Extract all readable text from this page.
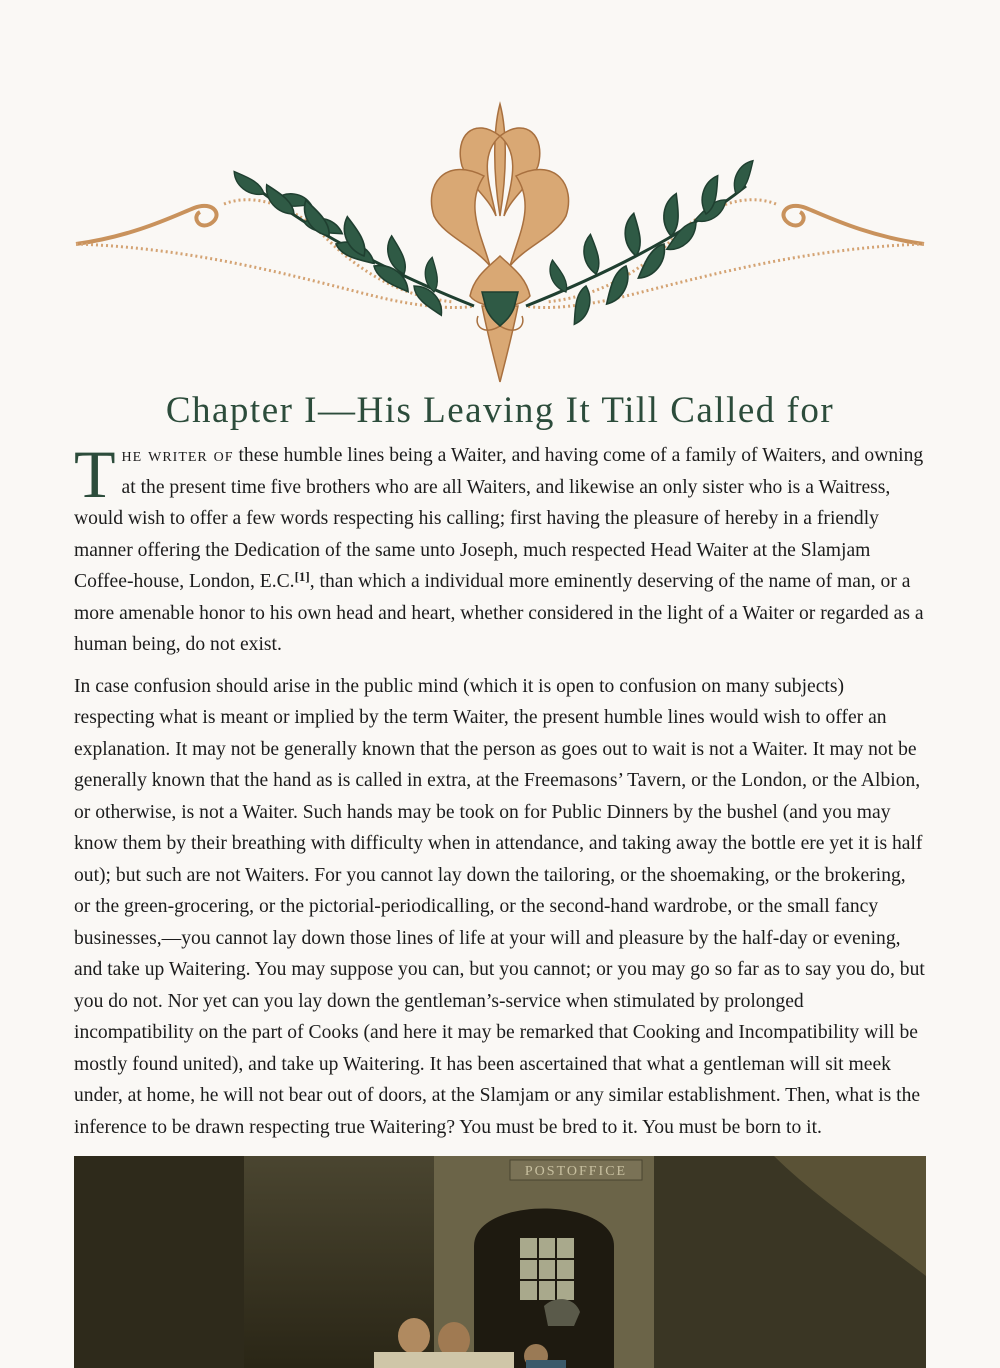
Chapter I—His Leaving It Till Called for

The writer of these humble lines being a Waiter, and having come of a family of Waiters, and owning at the present time five brothers who are all Waiters, and likewise an only sister who is a Waitress, would wish to offer a few words respecting his calling; first having the pleasure of hereby in a friendly manner offering the Dedication of the same unto Joseph, much respected Head Waiter at the Slamjam Coffee-house, London, E.C.[1], than which a individual more eminently deserving of the name of man, or a more amenable honor to his own head and heart, whether considered in the light of a Waiter or regarded as a human being, do not exist.

In case confusion should arise in the public mind (which it is open to confusion on many subjects) respecting what is meant or implied by the term Waiter, the present humble lines would wish to offer an explanation. It may not be generally known that the person as goes out to wait is not a Waiter. It may not be generally known that the hand as is called in extra, at the Freemasons’ Tavern, or the London, or the Albion, or otherwise, is not a Waiter. Such hands may be took on for Public Dinners by the bushel (and you may know them by their breathing with difficulty when in attendance, and taking away the bottle ere yet it is half out); but such are not Waiters. For you cannot lay down the tailoring, or the shoemaking, or the brokering, or the green-grocering, or the pictorial-periodicalling, or the second-hand wardrobe, or the small fancy businesses,—you cannot lay down those lines of life at your will and pleasure by the half-day or evening, and take up Waitering. You may suppose you can, but you cannot; or you may go so far as to say you do, but you do not. Nor yet can you lay down the gentleman’s-service when stimulated by prolonged incompatibility on the part of Cooks (and here it may be remarked that Cooking and Incompatibility will be mostly found united), and take up Waitering. It has been ascertained that what a gentleman will sit meek under, at home, he will not bear out of doors, at the Slamjam or any similar establishment. Then, what is the inference to be drawn respecting true Waitering? You must be bred to it. You must be born to it.

POSTOFFICE
